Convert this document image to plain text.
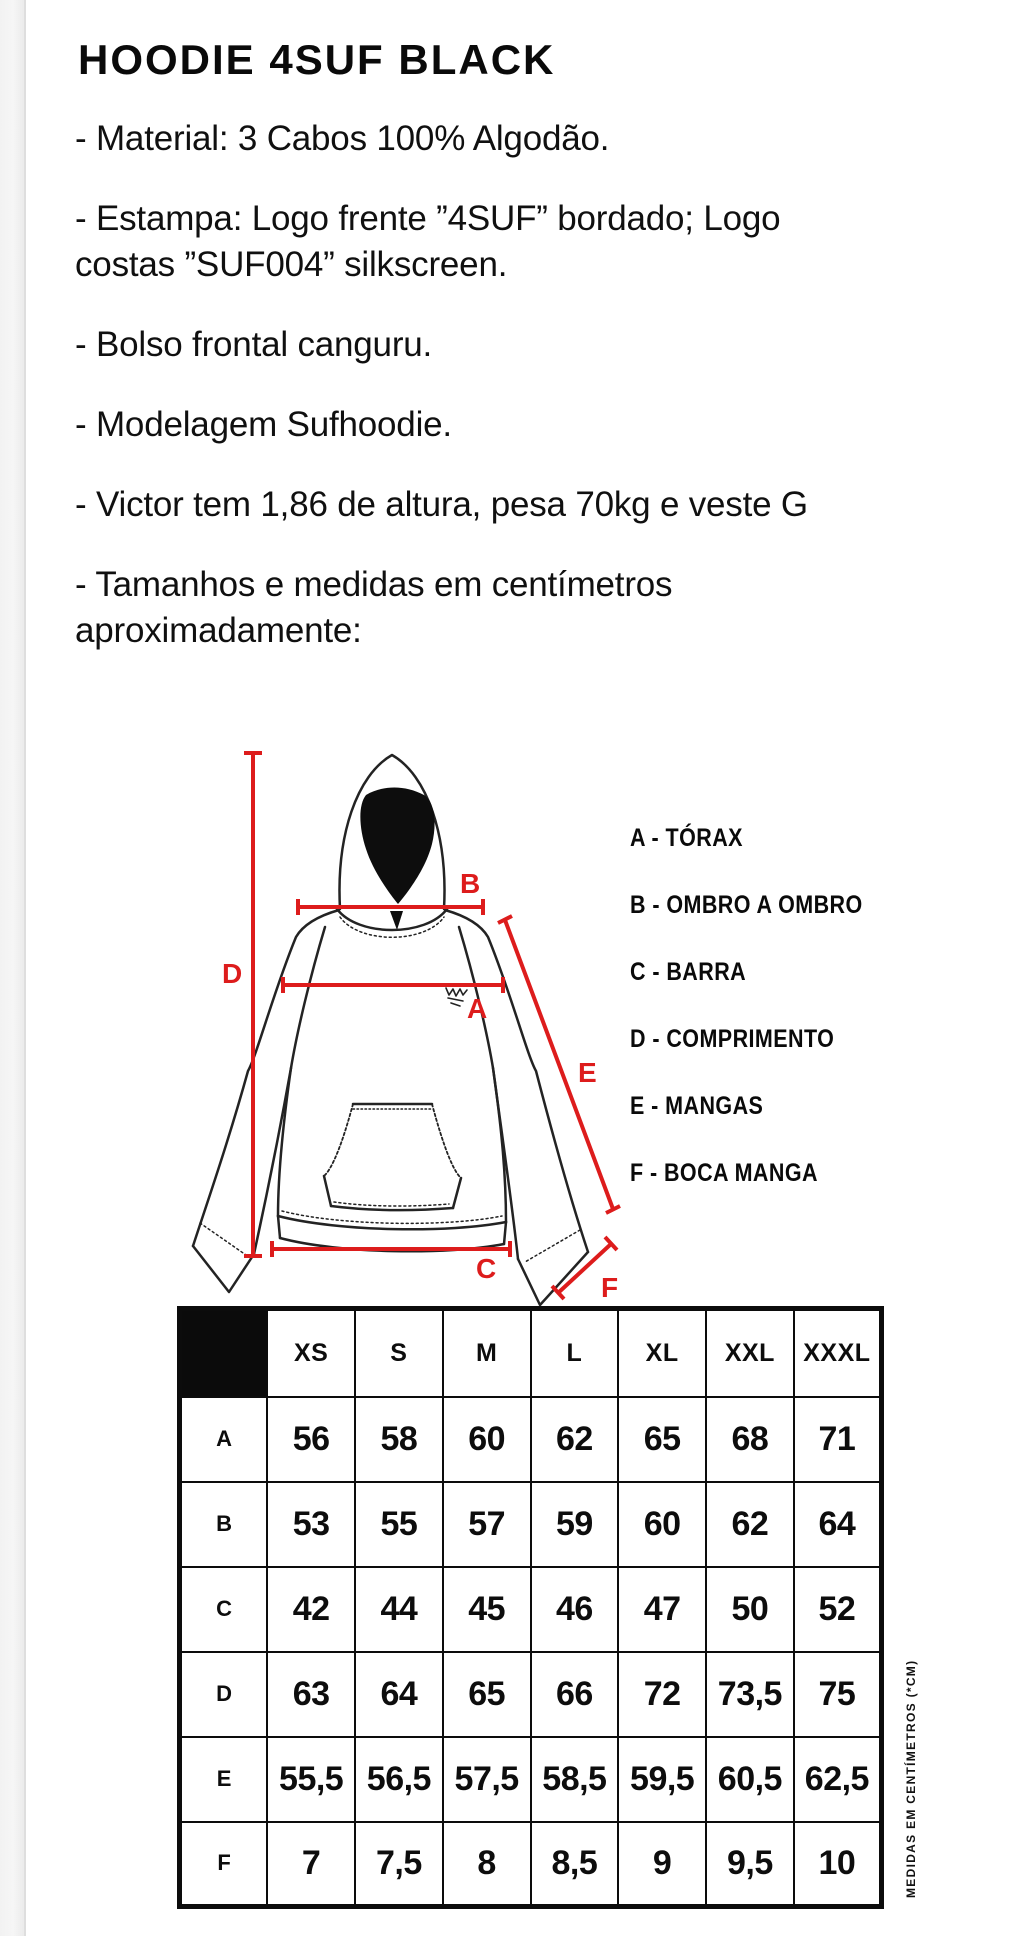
HOODIE 4SUF BLACK

- Material: 3 Cabos 100% Algodão.

- Estampa: Logo frente ”4SUF” bordado; Logo
costas ”SUF004” silkscreen.

- Bolso frontal canguru.

- Modelagem Sufhoodie.

- Victor tem 1,86 de altura, pesa 70kg e veste G

- Tamanhos e medidas em centímetros
aproximadamente:

B
A
C
D
E
F
A - TÓRAX
B - OMBRO A OMBRO
C - BARRA
D - COMPRIMENTO
E - MANGAS
F - BOCA MANGA
	XS	S	M	L	XL	XXL	XXXL
A	56	58	60	62	65	68	71
B	53	55	57	59	60	62	64
C	42	44	45	46	47	50	52
D	63	64	65	66	72	73,5	75
E	55,5	56,5	57,5	58,5	59,5	60,5	62,5
F	7	7,5	8	8,5	9	9,5	10	MEDIDAS EM CENTÍMETROS (*CM)
